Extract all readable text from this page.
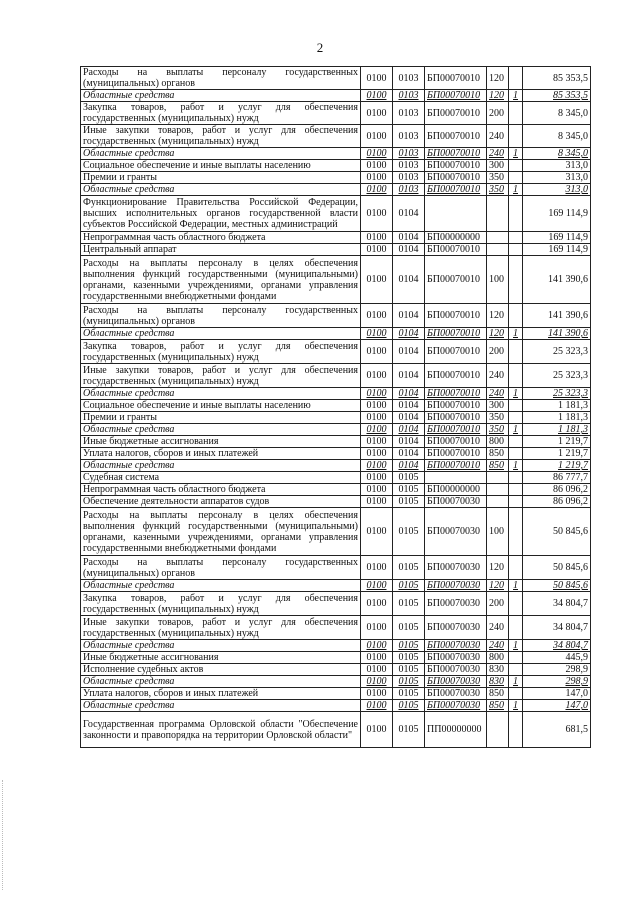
2
Расходы на выплаты персоналу государственных (муниципальных) органов	0100	0103	БП00070010	120		85 353,5
Областные средства	0100	0103	БП00070010	120	1	85 353,5
Закупка товаров, работ и услуг для обеспечения государственных (муниципальных) нужд	0100	0103	БП00070010	200		8 345,0
Иные закупки товаров, работ и услуг для обеспечения государственных (муниципальных) нужд	0100	0103	БП00070010	240		8 345,0
Областные средства	0100	0103	БП00070010	240	1	8 345,0
Социальное обеспечение и иные выплаты населению	0100	0103	БП00070010	300		313,0
Премии и гранты	0100	0103	БП00070010	350		313,0
Областные средства	0100	0103	БП00070010	350	1	313,0
Функционирование Правительства Российской Федерации, высших исполнительных органов государственной власти субъектов Российской Федерации, местных администраций	0100	0104				169 114,9
Непрограммная часть областного бюджета	0100	0104	БП00000000			169 114,9
Центральный аппарат	0100	0104	БП00070010			169 114,9
Расходы на выплаты персоналу в целях обеспечения выполнения функций государственными (муниципальными) органами, казенными учреждениями, органами управления государственными внебюджетными фондами	0100	0104	БП00070010	100		141 390,6
Расходы на выплаты персоналу государственных (муниципальных) органов	0100	0104	БП00070010	120		141 390,6
Областные средства	0100	0104	БП00070010	120	1	141 390,6
Закупка товаров, работ и услуг для обеспечения государственных (муниципальных) нужд	0100	0104	БП00070010	200		25 323,3
Иные закупки товаров, работ и услуг для обеспечения государственных (муниципальных) нужд	0100	0104	БП00070010	240		25 323,3
Областные средства	0100	0104	БП00070010	240	1	25 323,3
Социальное обеспечение и иные выплаты населению	0100	0104	БП00070010	300		1 181,3
Премии и гранты	0100	0104	БП00070010	350		1 181,3
Областные средства	0100	0104	БП00070010	350	1	1 181,3
Иные бюджетные ассигнования	0100	0104	БП00070010	800		1 219,7
Уплата налогов, сборов и иных платежей	0100	0104	БП00070010	850		1 219,7
Областные средства	0100	0104	БП00070010	850	1	1 219,7
Судебная система	0100	0105				86 777,7
Непрограммная часть областного бюджета	0100	0105	БП00000000			86 096,2
Обеспечение деятельности аппаратов судов	0100	0105	БП00070030			86 096,2
Расходы на выплаты персоналу в целях обеспечения выполнения функций государственными (муниципальными) органами, казенными учреждениями, органами управления государственными внебюджетными фондами	0100	0105	БП00070030	100		50 845,6
Расходы на выплаты персоналу государственных (муниципальных) органов	0100	0105	БП00070030	120		50 845,6
Областные средства	0100	0105	БП00070030	120	1	50 845,6
Закупка товаров, работ и услуг для обеспечения государственных (муниципальных) нужд	0100	0105	БП00070030	200		34 804,7
Иные закупки товаров, работ и услуг для обеспечения государственных (муниципальных) нужд	0100	0105	БП00070030	240		34 804,7
Областные средства	0100	0105	БП00070030	240	1	34 804,7
Иные бюджетные ассигнования	0100	0105	БП00070030	800		445,9
Исполнение судебных актов	0100	0105	БП00070030	830		298,9
Областные средства	0100	0105	БП00070030	830	1	298,9
Уплата налогов, сборов и иных платежей	0100	0105	БП00070030	850		147,0
Областные средства	0100	0105	БП00070030	850	1	147,0
Государственная программа Орловской области "Обеспечение законности и правопорядка на территории Орловской области"	0100	0105	ПП00000000			681,5
